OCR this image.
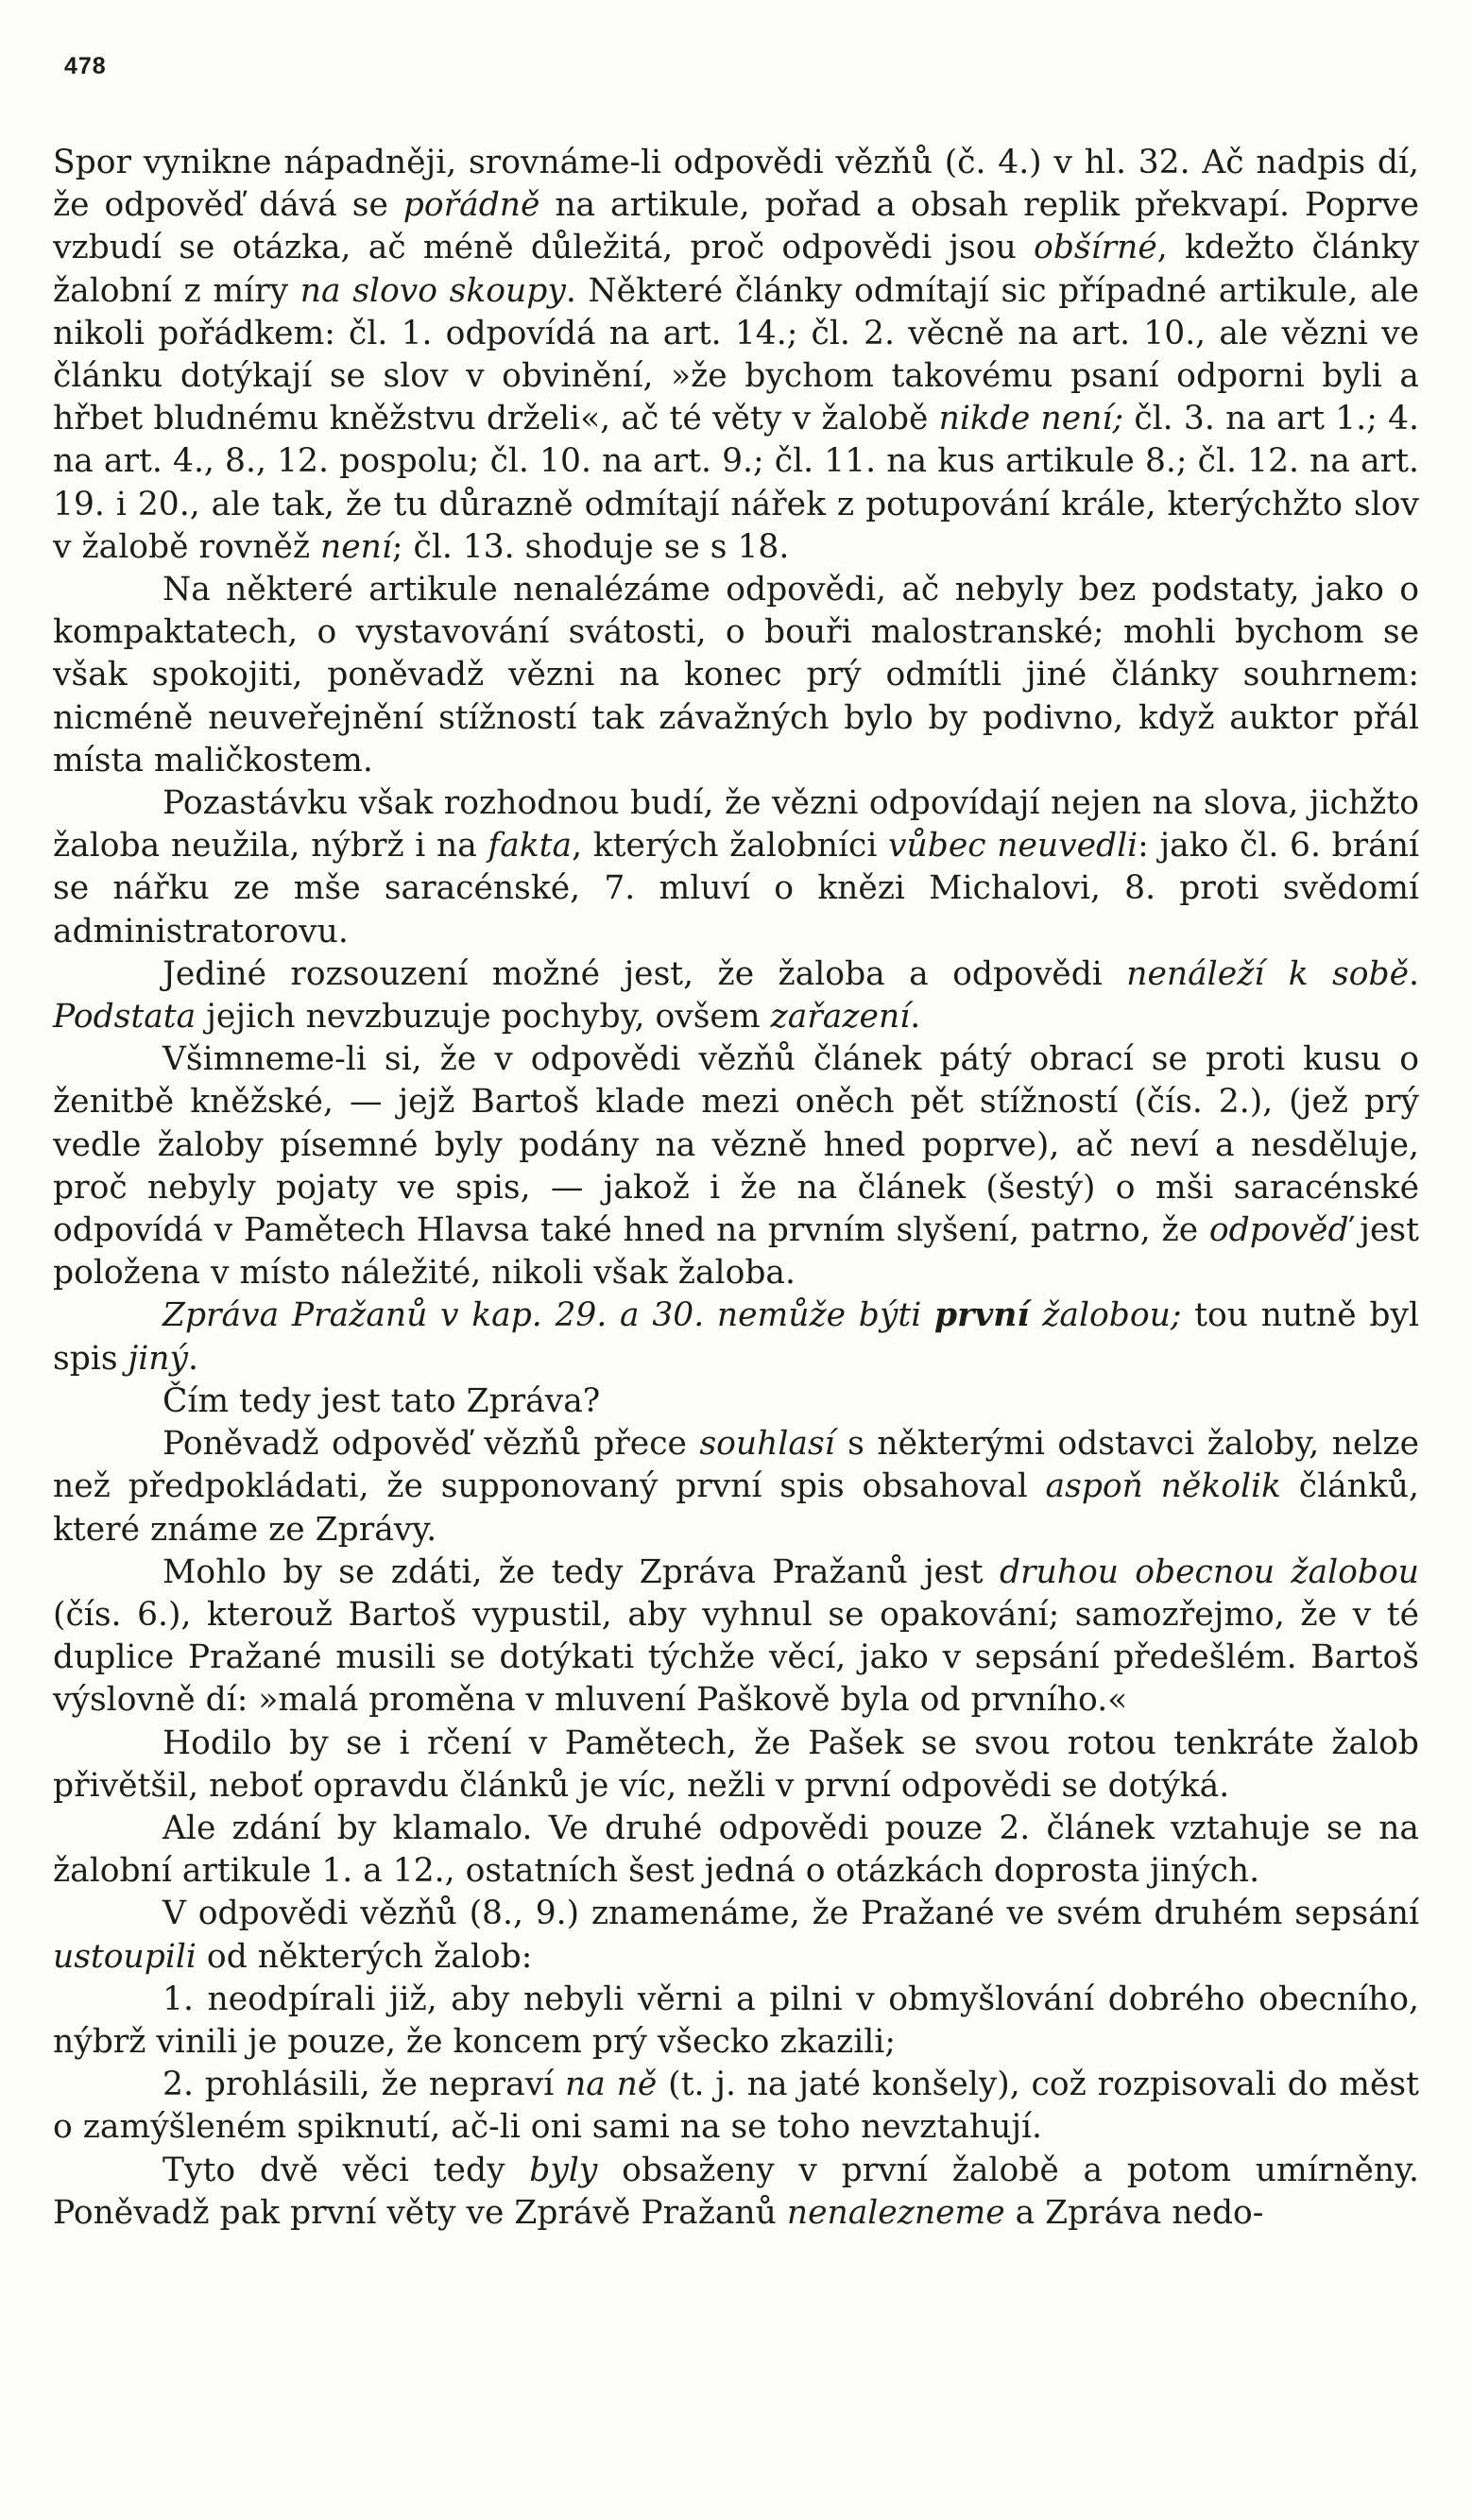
478

Spor vynikne nápadněji, srovnáme-li odpovědi vězňů (č. 4.) v hl. 32. Ač nadpis dí, že odpověď dává se pořádně na artikule, pořad a obsah replik překvapí. Poprve vzbudí se otázka, ač méně důležitá, proč odpovědi jsou obšírné, kdežto články žalobní z míry na slovo skoupy. Některé články odmítají sic případné artikule, ale nikoli pořádkem: čl. 1. odpovídá na art. 14.; čl. 2. věcně na art. 10., ale vězni ve článku dotýkají se slov v obvinění, »že bychom takovému psaní odporni byli a hřbet bludnému kněžstvu drželi«, ač té věty v žalobě nikde není; čl. 3. na art 1.; 4. na art. 4., 8., 12. pospolu; čl. 10. na art. 9.; čl. 11. na kus artikule 8.; čl. 12. na art. 19. i 20., ale tak, že tu důrazně odmítají nářek z potupování krále, kterýchžto slov v žalobě rovněž není; čl. 13. shoduje se s 18.

Na některé artikule nenalézáme odpovědi, ač nebyly bez podstaty, jako o kompaktatech, o vystavování svátosti, o bouři malostranské; mohli bychom se však spokojiti, poněvadž vězni na konec prý odmítli jiné články souhrnem: nicméně neuveřejnění stížností tak závažných bylo by podivno, když auktor přál místa maličkostem.

Pozastávku však rozhodnou budí, že vězni odpovídají nejen na slova, jichžto žaloba neužila, nýbrž i na fakta, kterých žalobníci vůbec neuvedli: jako čl. 6. brání se nářku ze mše saracénské, 7. mluví o knězi Michalovi, 8. proti svědomí administratorovu.

Jediné rozsouzení možné jest, že žaloba a odpovědi nenáleží k sobě. Podstata jejich nevzbuzuje pochyby, ovšem zařazení.

Všimneme-li si, že v odpovědi vězňů článek pátý obrací se proti kusu o ženitbě kněžské, — jejž Bartoš klade mezi oněch pět stížností (čís. 2.), (jež prý vedle žaloby písemné byly podány na vězně hned poprve), ač neví a nesděluje, proč nebyly pojaty ve spis, — jakož i že na článek (šestý) o mši saracénské odpovídá v Pamětech Hlavsa také hned na prvním slyšení, patrno, že odpověď jest položena v místo náležité, nikoli však žaloba.

Zpráva Pražanů v kap. 29. a 30. nemůže býti první žalobou; tou nutně byl spis jiný.

Čím tedy jest tato Zpráva?

Poněvadž odpověď vězňů přece souhlasí s některými odstavci žaloby, nelze než předpokládati, že supponovaný první spis obsahoval aspoň několik článků, které známe ze Zprávy.

Mohlo by se zdáti, že tedy Zpráva Pražanů jest druhou obecnou žalobou (čís. 6.), kterouž Bartoš vypustil, aby vyhnul se opakování; samozřejmo, že v té duplice Pražané musili se dotýkati týchže věcí, jako v sepsání předešlém. Bartoš výslovně dí: »malá proměna v mluvení Paškově byla od prvního.«

Hodilo by se i rčení v Pamětech, že Pašek se svou rotou tenkráte žalob přivětšil, neboť opravdu článků je víc, nežli v první odpovědi se dotýká.

Ale zdání by klamalo. Ve druhé odpovědi pouze 2. článek vztahuje se na žalobní artikule 1. a 12., ostatních šest jedná o otázkách doprosta jiných.

V odpovědi vězňů (8., 9.) znamenáme, že Pražané ve svém druhém sepsání ustoupili od některých žalob:

1. neodpírali již, aby nebyli věrni a pilni v obmyšlování dobrého obecního, nýbrž vinili je pouze, že koncem prý všecko zkazili;

2. prohlásili, že nepraví na ně (t. j. na jaté konšely), což rozpisovali do měst o zamýšleném spiknutí, ač-li oni sami na se toho nevztahují.

Tyto dvě věci tedy byly obsaženy v první žalobě a potom umírněny. Poněvadž pak první věty ve Zprávě Pražanů nenalezneme a Zpráva nedo-
